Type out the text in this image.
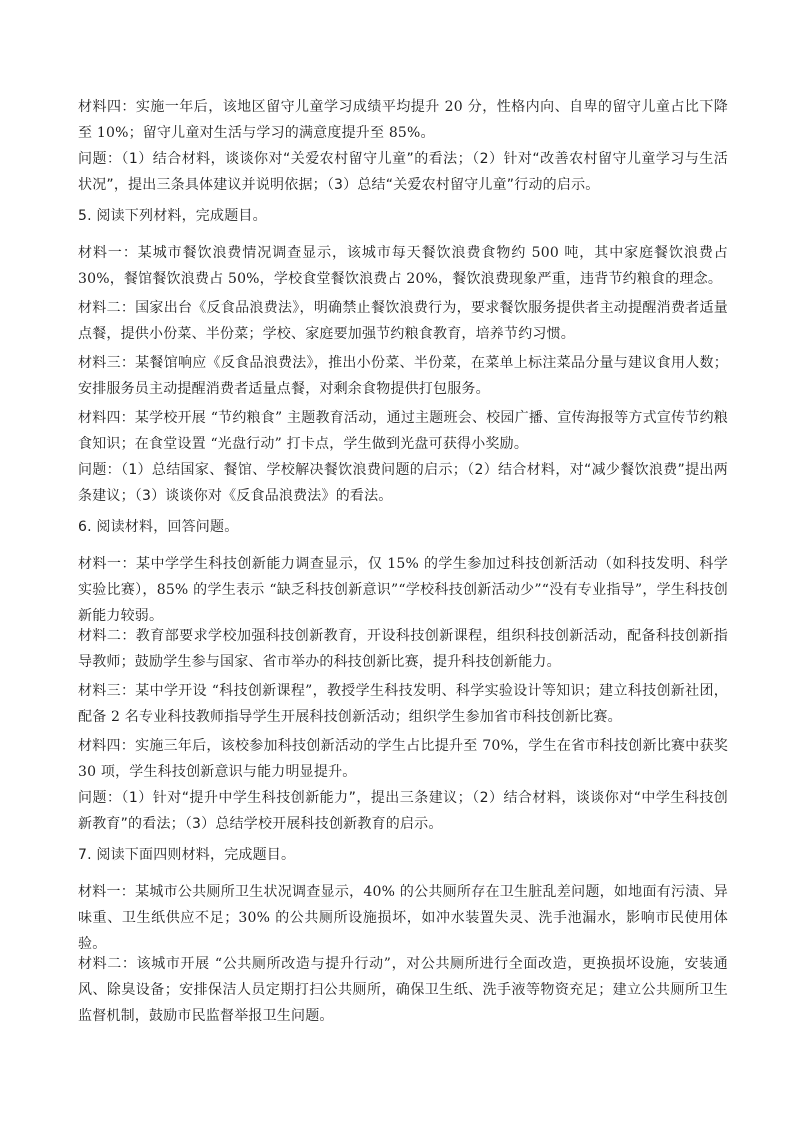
材料四：实施一年后，该地区留守儿童学习成绩平均提升 20 分，性格内向、自卑的留守儿童占比下降至 10%；留守儿童对生活与学习的满意度提升至 85%。

问题：（1）结合材料，谈谈你对“关爱农村留守儿童”的看法；（2）针对“改善农村留守儿童学习与生活状况”，提出三条具体建议并说明依据；（3）总结“关爱农村留守儿童”行动的启示。

5. 阅读下列材料，完成题目。

材料一：某城市餐饮浪费情况调查显示，该城市每天餐饮浪费食物约 500 吨，其中家庭餐饮浪费占 30%，餐馆餐饮浪费占 50%，学校食堂餐饮浪费占 20%，餐饮浪费现象严重，违背节约粮食的理念。

材料二：国家出台《反食品浪费法》，明确禁止餐饮浪费行为，要求餐饮服务提供者主动提醒消费者适量点餐，提供小份菜、半份菜；学校、家庭要加强节约粮食教育，培养节约习惯。

材料三：某餐馆响应《反食品浪费法》，推出小份菜、半份菜，在菜单上标注菜品分量与建议食用人数；安排服务员主动提醒消费者适量点餐，对剩余食物提供打包服务。

材料四：某学校开展 “节约粮食” 主题教育活动，通过主题班会、校园广播、宣传海报等方式宣传节约粮食知识；在食堂设置 “光盘行动” 打卡点，学生做到光盘可获得小奖励。

问题：（1）总结国家、餐馆、学校解决餐饮浪费问题的启示；（2）结合材料，对“减少餐饮浪费”提出两条建议；（3）谈谈你对《反食品浪费法》的看法。

6. 阅读材料，回答问题。

材料一：某中学学生科技创新能力调查显示，仅 15% 的学生参加过科技创新活动（如科技发明、科学实验比赛），85% 的学生表示 “缺乏科技创新意识”“学校科技创新活动少”“没有专业指导”，学生科技创新能力较弱。

材料二：教育部要求学校加强科技创新教育，开设科技创新课程，组织科技创新活动，配备科技创新指导教师；鼓励学生参与国家、省市举办的科技创新比赛，提升科技创新能力。

材料三：某中学开设 “科技创新课程”，教授学生科技发明、科学实验设计等知识；建立科技创新社团，配备 2 名专业科技教师指导学生开展科技创新活动；组织学生参加省市科技创新比赛。

材料四：实施三年后，该校参加科技创新活动的学生占比提升至 70%，学生在省市科技创新比赛中获奖 30 项，学生科技创新意识与能力明显提升。

问题：（1）针对“提升中学生科技创新能力”，提出三条建议；（2）结合材料，谈谈你对“中学生科技创新教育”的看法；（3）总结学校开展科技创新教育的启示。

7. 阅读下面四则材料，完成题目。

材料一：某城市公共厕所卫生状况调查显示，40% 的公共厕所存在卫生脏乱差问题，如地面有污渍、异味重、卫生纸供应不足；30% 的公共厕所设施损坏，如冲水装置失灵、洗手池漏水，影响市民使用体验。

材料二：该城市开展 “公共厕所改造与提升行动”，对公共厕所进行全面改造，更换损坏设施，安装通风、除臭设备；安排保洁人员定期打扫公共厕所，确保卫生纸、洗手液等物资充足；建立公共厕所卫生监督机制，鼓励市民监督举报卫生问题。
